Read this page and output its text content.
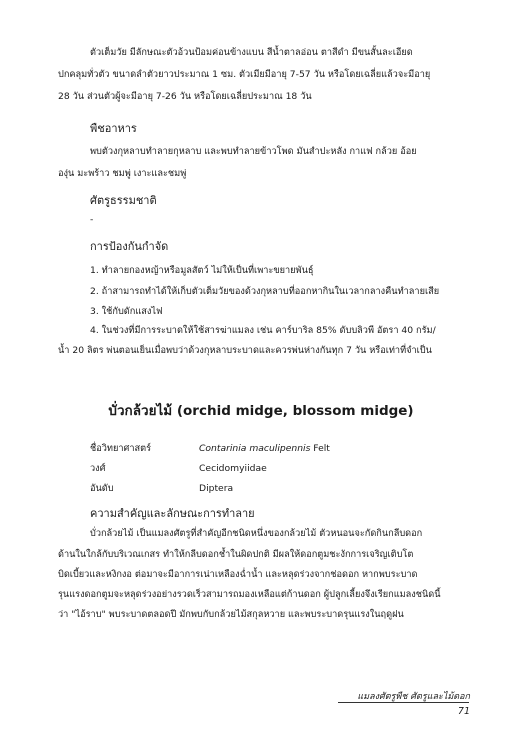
ตัวเต็มวัย มีลักษณะตัวอ้วนป้อมค่อนข้างแบน สีน้ำตาลอ่อน ตาสีดำ มีขนสั้นละเอียด
ปกคลุมทั่วตัว ขนาดลำตัวยาวประมาณ 1 ซม. ตัวเมียมีอายุ 7-57 วัน หรือโดยเฉลี่ยแล้วจะมีอายุ
28 วัน ส่วนตัวผู้จะมีอายุ 7-26 วัน หรือโดยเฉลี่ยประมาณ 18 วัน
พืชอาหาร
พบตัวงกุหลาบทำลายกุหลาบ และพบทำลายข้าวโพด มันสำปะหลัง กาแฟ กล้วย อ้อย
องุ่น มะพร้าว ชมพู่ เงาะและชมพู่
ศัตรูธรรมชาติ
-
การป้องกันกำจัด
1. ทำลายกองหญ้าหรือมูลสัตว์ ไม่ให้เป็นที่เพาะขยายพันธุ์
2. ถ้าสามารถทำได้ให้เก็บตัวเต็มวัยของด้วงกุหลาบที่ออกหากินในเวลากลางคืนทำลายเสีย
3. ใช้กับดักแสงไฟ
4. ในช่วงที่มีการระบาดให้ใช้สารฆ่าแมลง เช่น คาร์บาริล 85% ดับบลิวพี อัตรา 40 กรัม/
น้ำ 20 ลิตร พ่นตอนเย็นเมื่อพบว่าด้วงกุหลาบระบาดและควรพ่นห่างกันทุก 7 วัน หรือเท่าที่จำเป็น
บั่วกล้วยไม้ (orchid midge, blossom midge)
ชื่อวิทยาศาสตร์	Contarinia maculipennis Felt
วงศ์	Cecidomyiidae
อันดับ	Diptera
ความสำคัญและลักษณะการทำลาย
บั่วกล้วยไม้ เป็นแมลงศัตรูที่สำคัญอีกชนิดหนึ่งของกล้วยไม้ ตัวหนอนจะกัดกินกลีบดอก
ด้านในใกล้กับบริเวณเกสร ทำให้กลีบดอกช้ำในผิดปกติ มีผลให้ดอกตูมชะงักการเจริญเติบโต
บิดเบี้ยวและหงิกงอ ต่อมาจะมีอาการเน่าเหลืองฉ่ำน้ำ และหลุดร่วงจากช่อดอก หากพบระบาด
รุนแรงดอกตูมจะหลุดร่วงอย่างรวดเร็วสามารถมองเหลือแต่ก้านดอก ผู้ปลูกเลี้ยงจึงเรียกแมลงชนิดนี้
ว่า "ไอ้ราบ" พบระบาดตลอดปี มักพบกับกล้วยไม้สกุลหวาย และพบระบาดรุนแรงในฤดูฝน
แมลงศัตรูพืช ศัตรูและไม้ดอก
71
